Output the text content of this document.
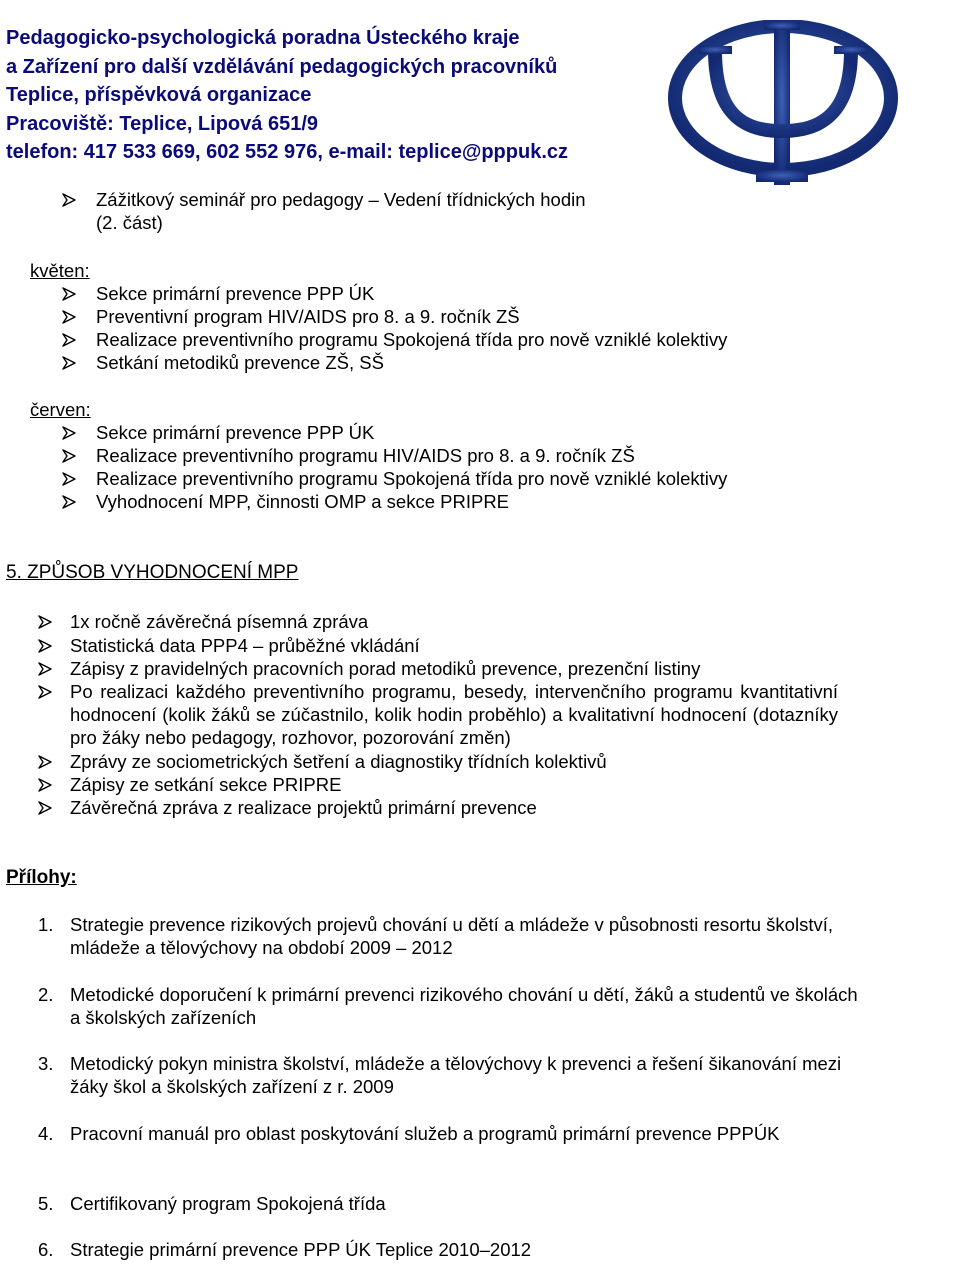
Pedagogicko-psychologická poradna Ústeckého kraje
a Zařízení pro další vzdělávání pedagogických pracovníků
Teplice, příspěvková organizace
Pracoviště: Teplice, Lipová 651/9
telefon: 417 533 669, 602 552 976, e-mail: teplice@pppuk.cz
Zážitkový seminář pro pedagogy – Vedení třídnických hodin
(2. část)
květen:
Sekce primární prevence PPP ÚK
Preventivní program HIV/AIDS pro 8. a 9. ročník ZŠ
Realizace preventivního programu Spokojená třída pro nově vzniklé kolektivy
Setkání metodiků prevence ZŠ, SŠ
červen:
Sekce primární prevence PPP ÚK
Realizace preventivního programu HIV/AIDS pro 8. a 9. ročník ZŠ
Realizace preventivního programu Spokojená třída pro nově vzniklé kolektivy
Vyhodnocení MPP, činnosti OMP a sekce PRIPRE
5. ZPŮSOB VYHODNOCENÍ MPP
1x ročně závěrečná písemná zpráva
Statistická data PPP4 – průběžné vkládání
Zápisy z pravidelných pracovních porad metodiků prevence, prezenční listiny
Po realizaci každého preventivního programu, besedy, intervenčního programu kvantitativní hodnocení (kolik žáků se zúčastnilo, kolik hodin proběhlo) a kvalitativní hodnocení (dotazníky pro žáky nebo pedagogy, rozhovor, pozorování změn)
Zprávy ze sociometrických šetření a diagnostiky třídních kolektivů
Zápisy ze setkání sekce PRIPRE
Závěrečná zpráva z realizace projektů primární prevence
Přílohy:
1. Strategie prevence rizikových projevů chování u dětí a mládeže v působnosti resortu školství, mládeže a tělovýchovy na období 2009 – 2012
2. Metodické doporučení k primární prevenci rizikového chování u dětí, žáků a studentů ve školách a školských zařízeních
3. Metodický pokyn ministra školství, mládeže a tělovýchovy k prevenci a řešení šikanování mezi žáky škol a školských zařízení z r. 2009
4. Pracovní manuál pro oblast poskytování služeb a programů primární prevence PPPÚK
5. Certifikovaný program Spokojená třída
6. Strategie primární prevence PPP ÚK Teplice 2010–2012
